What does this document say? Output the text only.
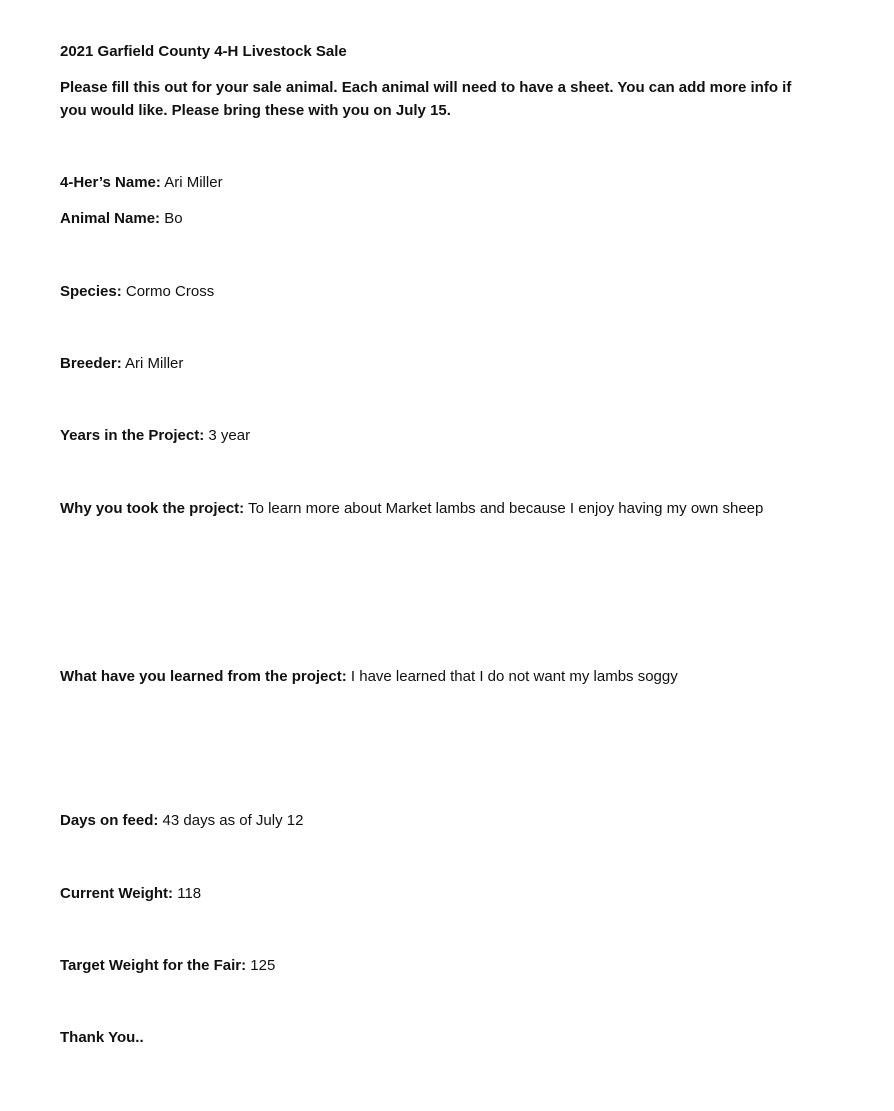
2021 Garfield County 4-H Livestock Sale

Please fill this out for your sale animal. Each animal will need to have a sheet. You can add more info if you would like. Please bring these with you on July 15.

4-Her’s Name: Ari Miller

Animal Name: Bo

Species: Cormo Cross

Breeder: Ari Miller

Years in the Project: 3 year

Why you took the project: To learn more about Market lambs and because I enjoy having my own sheep

What have you learned from the project: I have learned that I do not want my lambs soggy

Days on feed: 43 days as of July 12

Current Weight: 118

Target Weight for the Fair: 125

Thank You..
